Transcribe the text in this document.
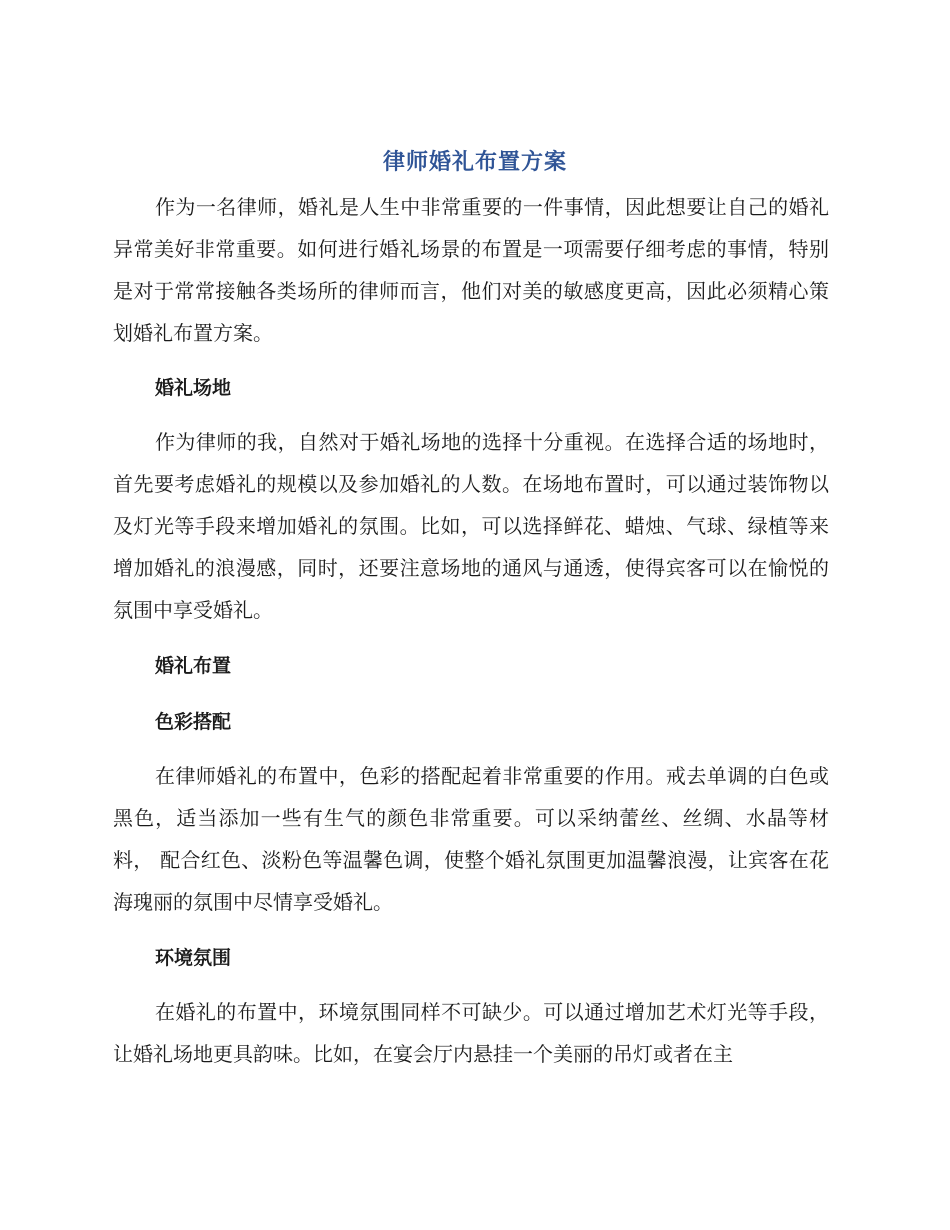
律师婚礼布置方案

作为一名律师，婚礼是人生中非常重要的一件事情，因此想要让自己的婚礼异常美好非常重要。如何进行婚礼场景的布置是一项需要仔细考虑的事情，特别是对于常常接触各类场所的律师而言，他们对美的敏感度更高，因此必须精心策划婚礼布置方案。

婚礼场地

作为律师的我，自然对于婚礼场地的选择十分重视。在选择合适的场地时，首先要考虑婚礼的规模以及参加婚礼的人数。在场地布置时，可以通过装饰物以及灯光等手段来增加婚礼的氛围。比如，可以选择鲜花、蜡烛、气球、绿植等来增加婚礼的浪漫感，同时，还要注意场地的通风与通透，使得宾客可以在愉悦的氛围中享受婚礼。

婚礼布置
色彩搭配

在律师婚礼的布置中，色彩的搭配起着非常重要的作用。戒去单调的白色或黑色，适当添加一些有生气的颜色非常重要。可以采纳蕾丝、丝绸、水晶等材料， 配合红色、淡粉色等温馨色调，使整个婚礼氛围更加温馨浪漫，让宾客在花海瑰丽的氛围中尽情享受婚礼。

环境氛围

在婚礼的布置中，环境氛围同样不可缺少。可以通过增加艺术灯光等手段，让婚礼场地更具韵味。比如，在宴会厅内悬挂一个美丽的吊灯或者在主
